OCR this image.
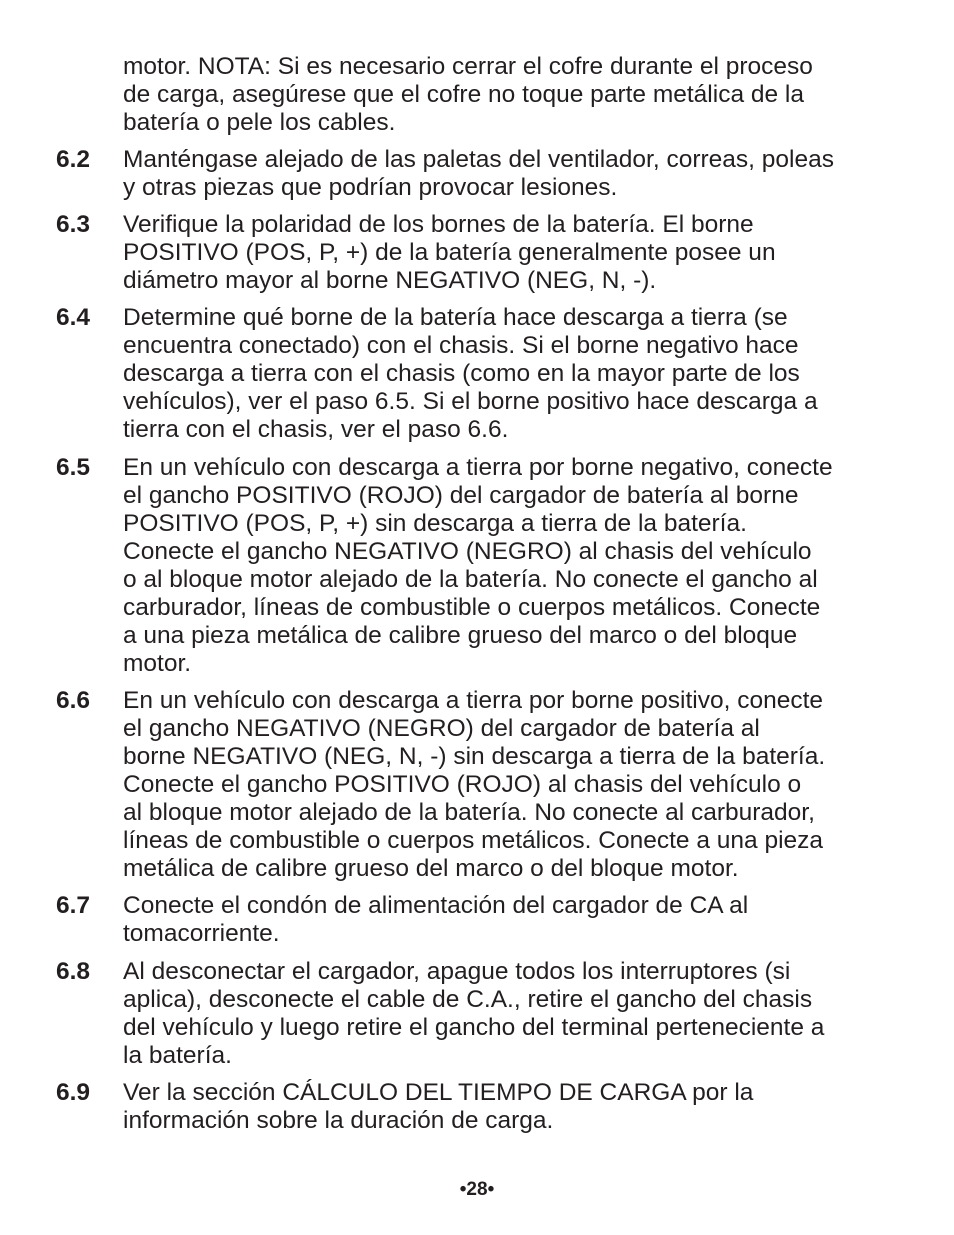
motor. NOTA: Si es necesario cerrar el cofre durante el proceso

de carga, asegúrese que el cofre no toque parte metálica de la

batería o pele los cables.

6.2 Manténgase alejado de las paletas del ventilador, correas, poleas

y otras piezas que podrían provocar lesiones.

6.3 Verifique la polaridad de los bornes de la batería. El borne

POSITIVO (POS, P, +) de la batería generalmente posee un

diámetro mayor al borne NEGATIVO (NEG, N, -).

6.4 Determine qué borne de la batería hace descarga a tierra (se

encuentra conectado) con el chasis. Si el borne negativo hace

descarga a tierra con el chasis (como en la mayor parte de los

vehículos), ver el paso 6.5. Si el borne positivo hace descarga a

tierra con el chasis, ver el paso 6.6.

6.5 En un vehículo con descarga a tierra por borne negativo, conecte

el gancho POSITIVO (ROJO) del cargador de batería al borne

POSITIVO (POS, P, +) sin descarga a tierra de la batería.

Conecte el gancho NEGATIVO (NEGRO) al chasis del vehículo

o al bloque motor alejado de la batería. No conecte el gancho al

carburador, líneas de combustible o cuerpos metálicos. Conecte

a una pieza metálica de calibre grueso del marco o del bloque

motor.

6.6 En un vehículo con descarga a tierra por borne positivo, conecte

el gancho NEGATIVO (NEGRO) del cargador de batería al

borne NEGATIVO (NEG, N, -) sin descarga a tierra de la batería.

Conecte el gancho POSITIVO (ROJO) al chasis del vehículo o

al bloque motor alejado de la batería. No conecte al carburador,

líneas de combustible o cuerpos metálicos. Conecte a una pieza

metálica de calibre grueso del marco o del bloque motor.

6.7 Conecte el condón de alimentación del cargador de CA al

tomacorriente.

6.8 Al desconectar el cargador, apague todos los interruptores (si

aplica), desconecte el cable de C.A., retire el gancho del chasis

del vehículo y luego retire el gancho del terminal perteneciente a

la batería.

6.9 Ver la sección CÁLCULO DEL TIEMPO DE CARGA por la

información sobre la duración de carga.

•28•
